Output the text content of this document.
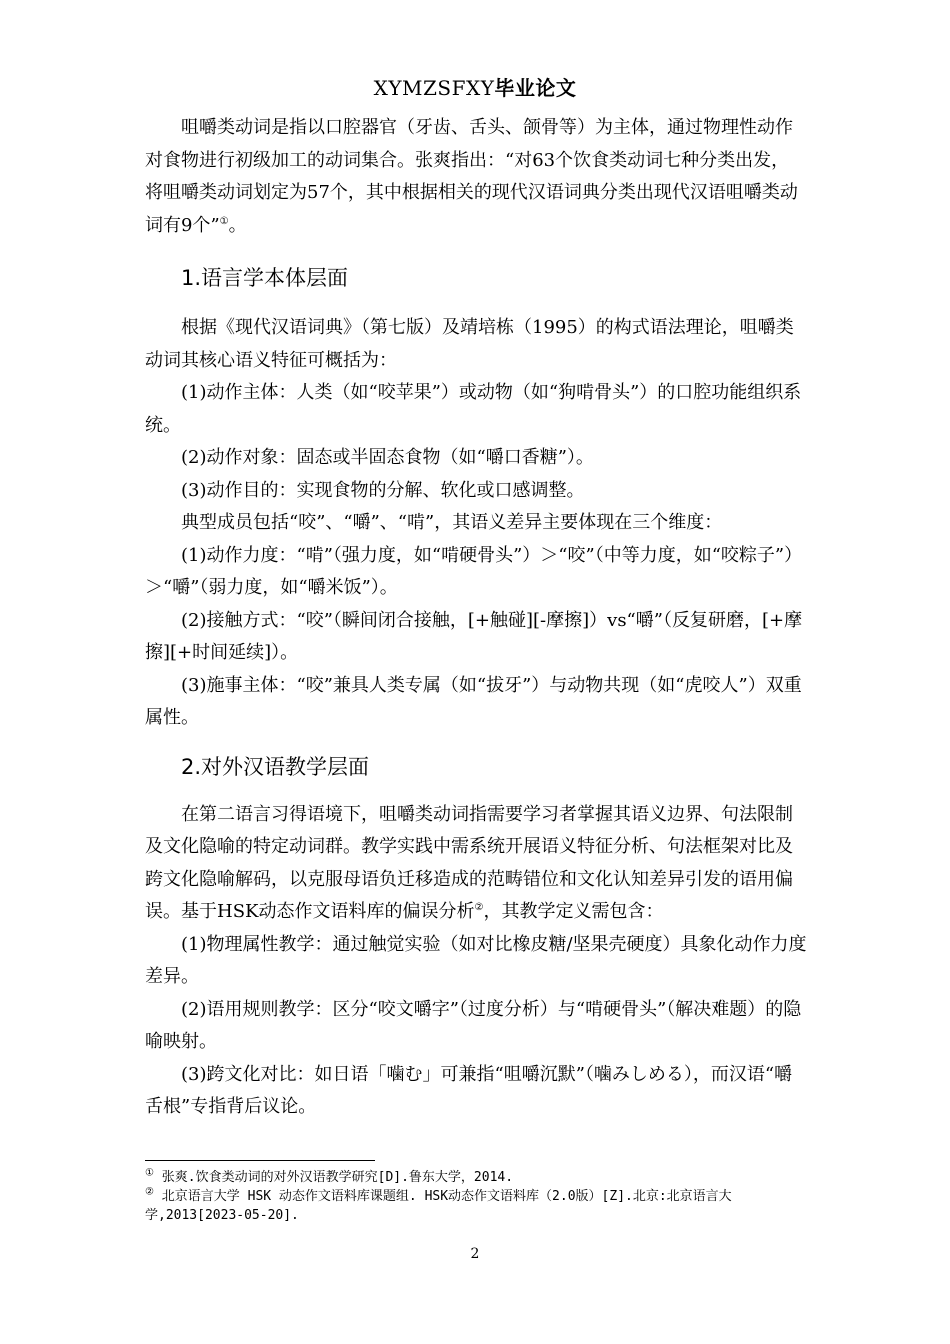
XYMZSFXY毕业论文

咀嚼类动词是指以口腔器官（牙齿、舌头、颌骨等）为主体，通过物理性动作对食物进行初级加工的动词集合。张爽指出：“对63个饮食类动词七种分类出发，将咀嚼类动词划定为57个，其中根据相关的现代汉语词典分类出现代汉语咀嚼类动词有9个”①。

1.语言学本体层面

根据《现代汉语词典》（第七版）及靖培栋（1995）的构式语法理论，咀嚼类动词其核心语义特征可概括为：

(1)动作主体：人类（如“咬苹果”）或动物（如“狗啃骨头”）的口腔功能组织系统。

(2)动作对象：固态或半固态食物（如“嚼口香糖”）。

(3)动作目的：实现食物的分解、软化或口感调整。

典型成员包括“咬”、“嚼”、“啃”，其语义差异主要体现在三个维度：

(1)动作力度：“啃”（强力度，如“啃硬骨头”）＞“咬”（中等力度，如“咬粽子”）＞“嚼”（弱力度，如“嚼米饭”）。

(2)接触方式：“咬”（瞬间闭合接触，[+触碰][-摩擦]）vs“嚼”（反复研磨，[+摩擦][+时间延续]）。

(3)施事主体：“咬”兼具人类专属（如“拔牙”）与动物共现（如“虎咬人”）双重属性。

2.对外汉语教学层面

在第二语言习得语境下，咀嚼类动词指需要学习者掌握其语义边界、句法限制及文化隐喻的特定动词群。教学实践中需系统开展语义特征分析、句法框架对比及跨文化隐喻解码，以克服母语负迁移造成的范畴错位和文化认知差异引发的语用偏误。基于HSK动态作文语料库的偏误分析②，其教学定义需包含：

(1)物理属性教学：通过触觉实验（如对比橡皮糖/坚果壳硬度）具象化动作力度差异。

(2)语用规则教学：区分“咬文嚼字”（过度分析）与“啃硬骨头”（解决难题）的隐喻映射。

(3)跨文化对比：如日语「噛む」可兼指“咀嚼沉默”（噛みしめる），而汉语“嚼舌根”专指背后议论。

① 张爽.饮食类动词的对外汉语教学研究[D].鲁东大学，2014.

② 北京语言大学 HSK 动态作文语料库课题组. HSK动态作文语料库（2.0版）[Z].北京:北京语言大学,2013[2023-05-20].

2
